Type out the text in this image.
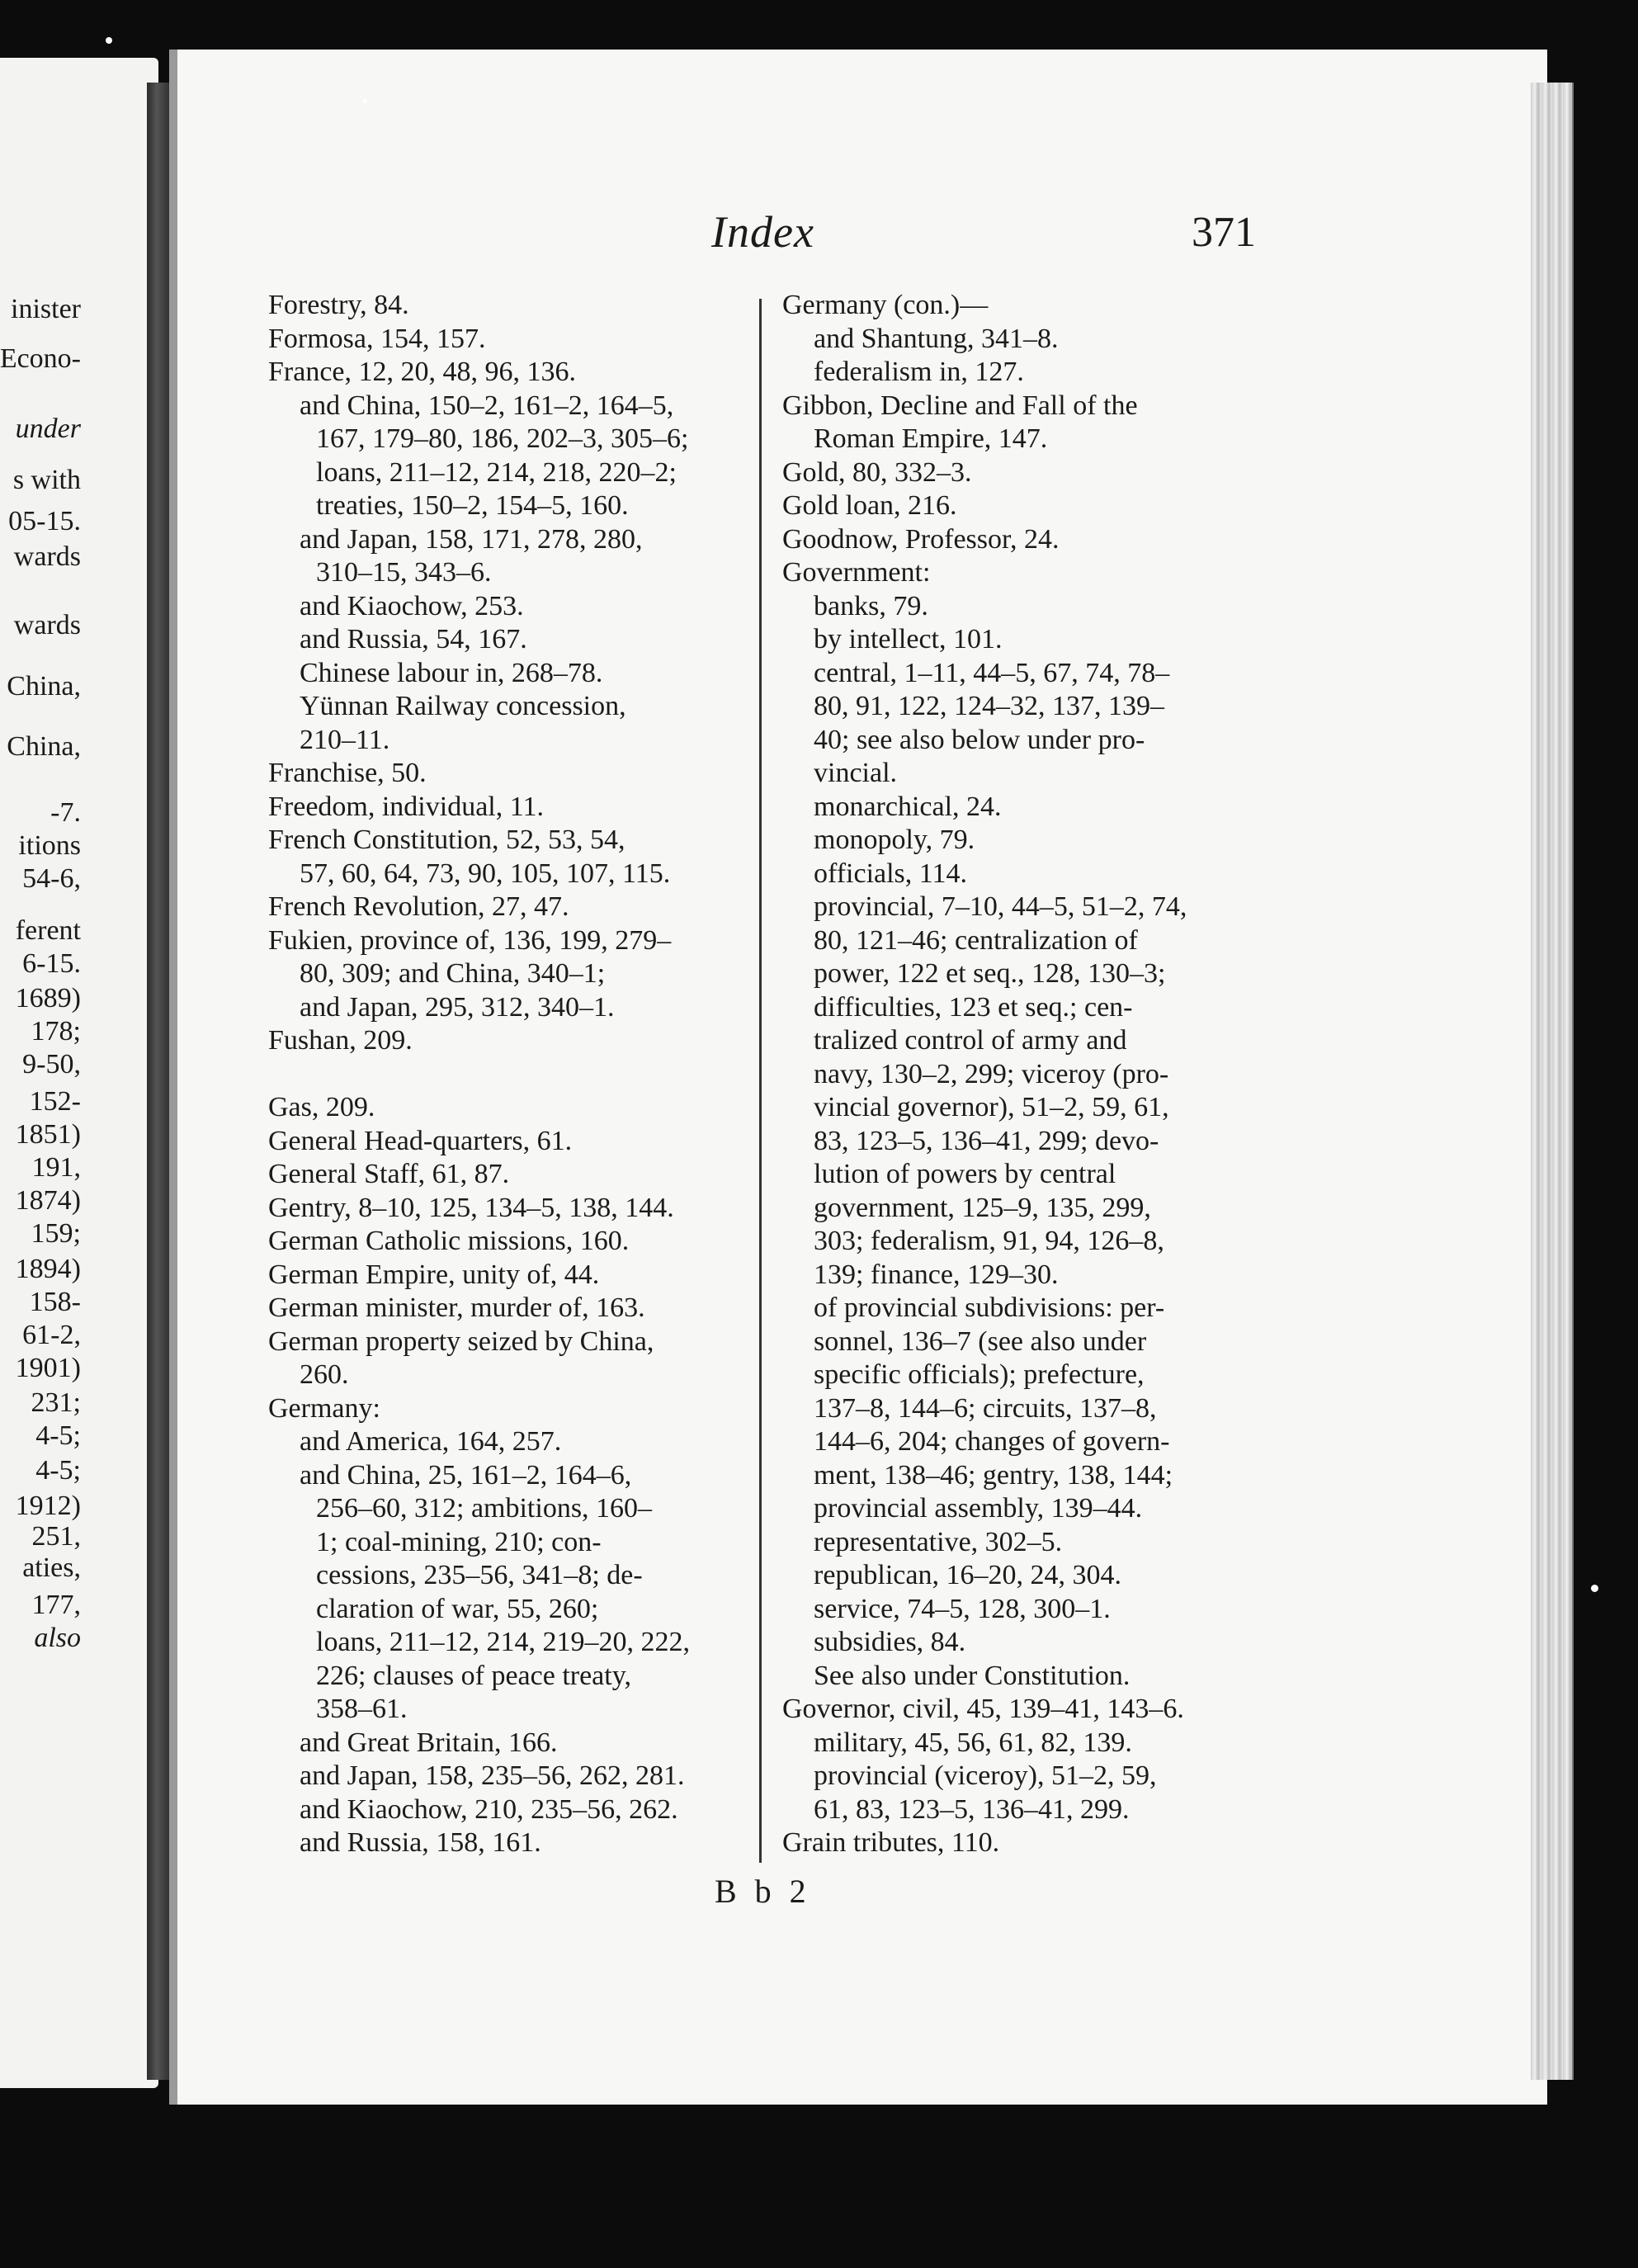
inister
Econo-
under
s with
05-15.
wards
wards
China,
China,
-7.
itions
54-6,
ferent
6-15.
1689)
178;
9-50,
152-
1851)
191,
1874)
159;
1894)
158-
61-2,
1901)
231;
4-5;
4-5;
1912)
251,
aties,
177,
also
Index	371
Forestry, 84.
Formosa, 154, 157.
France, 12, 20, 48, 96, 136.
and China, 150–2, 161–2, 164–5,
167, 179–80, 186, 202–3, 305–6;
loans, 211–12, 214, 218, 220–2;
treaties, 150–2, 154–5, 160.
and Japan, 158, 171, 278, 280,
310–15, 343–6.
and Kiaochow, 253.
and Russia, 54, 167.
Chinese labour in, 268–78.
Yünnan Railway concession,
210–11.
Franchise, 50.
Freedom, individual, 11.
French Constitution, 52, 53, 54,
57, 60, 64, 73, 90, 105, 107, 115.
French Revolution, 27, 47.
Fukien, province of, 136, 199, 279–
80, 309; and China, 340–1;
and Japan, 295, 312, 340–1.
Fushan, 209.
Gas, 209.
General Head-quarters, 61.
General Staff, 61, 87.
Gentry, 8–10, 125, 134–5, 138, 144.
German Catholic missions, 160.
German Empire, unity of, 44.
German minister, murder of, 163.
German property seized by China,
260.
Germany:
and America, 164, 257.
and China, 25, 161–2, 164–6,
256–60, 312; ambitions, 160–
1; coal-mining, 210; con-
cessions, 235–56, 341–8; de-
claration of war, 55, 260;
loans, 211–12, 214, 219–20, 222,
226; clauses of peace treaty,
358–61.
and Great Britain, 166.
and Japan, 158, 235–56, 262, 281.
and Kiaochow, 210, 235–56, 262.
and Russia, 158, 161.
Germany (con.)—
and Shantung, 341–8.
federalism in, 127.
Gibbon, Decline and Fall of the
Roman Empire, 147.
Gold, 80, 332–3.
Gold loan, 216.
Goodnow, Professor, 24.
Government:
banks, 79.
by intellect, 101.
central, 1–11, 44–5, 67, 74, 78–
80, 91, 122, 124–32, 137, 139–
40; see also below under pro-
vincial.
monarchical, 24.
monopoly, 79.
officials, 114.
provincial, 7–10, 44–5, 51–2, 74,
80, 121–46; centralization of
power, 122 et seq., 128, 130–3;
difficulties, 123 et seq.; cen-
tralized control of army and
navy, 130–2, 299; viceroy (pro-
vincial governor), 51–2, 59, 61,
83, 123–5, 136–41, 299; devo-
lution of powers by central
government, 125–9, 135, 299,
303; federalism, 91, 94, 126–8,
139; finance, 129–30.
of provincial subdivisions: per-
sonnel, 136–7 (see also under
specific officials); prefecture,
137–8, 144–6; circuits, 137–8,
144–6, 204; changes of govern-
ment, 138–46; gentry, 138, 144;
provincial assembly, 139–44.
representative, 302–5.
republican, 16–20, 24, 304.
service, 74–5, 128, 300–1.
subsidies, 84.
See also under Constitution.
Governor, civil, 45, 139–41, 143–6.
military, 45, 56, 61, 82, 139.
provincial (viceroy), 51–2, 59,
61, 83, 123–5, 136–41, 299.
Grain tributes, 110.
B b 2
